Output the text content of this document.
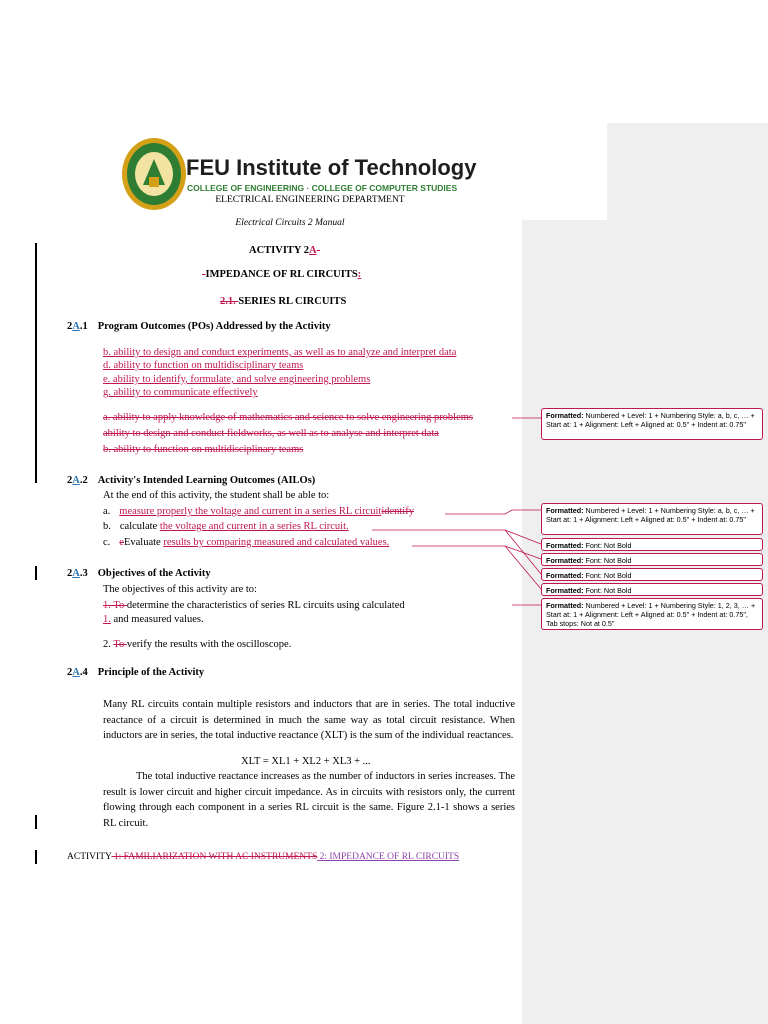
FEU Institute of Technology
COLLEGE OF ENGINEERING · COLLEGE OF COMPUTER STUDIES
ELECTRICAL ENGINEERING DEPARTMENT
Electrical Circuits 2 Manual
ACTIVITY 2A-
-IMPEDANCE OF RL CIRCUITS:
2.1. SERIES RL CIRCUITS
2A.1 Program Outcomes (POs) Addressed by the Activity
b. ability to design and conduct experiments, as well as to analyze and interpret data
d. ability to function on multidisciplinary teams
e. ability to identify, formulate, and solve engineering problems
g. ability to communicate effectively
a. ability to apply knowledge of mathematics and science to solve engineering problems
ability to design and conduct fieldworks, as well as to analyse and interpret data
b. ability to function on multidisciplinary teams
2A.2 Activity's Intended Learning Outcomes (AILOs)
At the end of this activity, the student shall be able to:
a. measure properly the voltage and current in a series RL circuitidentify
b. calculate the voltage and current in a series RL circuit.
c. eEvaluate results by comparing measured and calculated values.
2A.3 Objectives of the Activity
The objectives of this activity are to:
1. To determine the characteristics of series RL circuits using calculated
1. and measured values.
2. To verify the results with the oscilloscope.
2A.4 Principle of the Activity
Many RL circuits contain multiple resistors and inductors that are in series. The total inductive reactance of a circuit is determined in much the same way as total circuit resistance. When inductors are in series, the total inductive reactance (XLT) is the sum of the individual reactances.
XLT = XL1 + XL2 + XL3 + ...
The total inductive reactance increases as the number of inductors in series increases. The result is lower circuit and higher circuit impedance. As in circuits with resistors only, the current flowing through each component in a series RL circuit is the same. Figure 2.1-1 shows a series RL circuit.
ACTIVITY 1: FAMILIARIZATION WITH AC INSTRUMENTS 2: IMPEDANCE OF RL CIRCUITS
Formatted: Numbered + Level: 1 + Numbering Style: a, b, c, … + Start at: 1 + Alignment: Left + Aligned at: 0.5" + Indent at: 0.75"
Formatted: Numbered + Level: 1 + Numbering Style: a, b, c, … + Start at: 1 + Alignment: Left + Aligned at: 0.5" + Indent at: 0.75"
Formatted: Font: Not Bold
Formatted: Font: Not Bold
Formatted: Font: Not Bold
Formatted: Font: Not Bold
Formatted: Numbered + Level: 1 + Numbering Style: 1, 2, 3, … + Start at: 1 + Alignment: Left + Aligned at: 0.5" + Indent at: 0.75", Tab stops: Not at 0.5"
